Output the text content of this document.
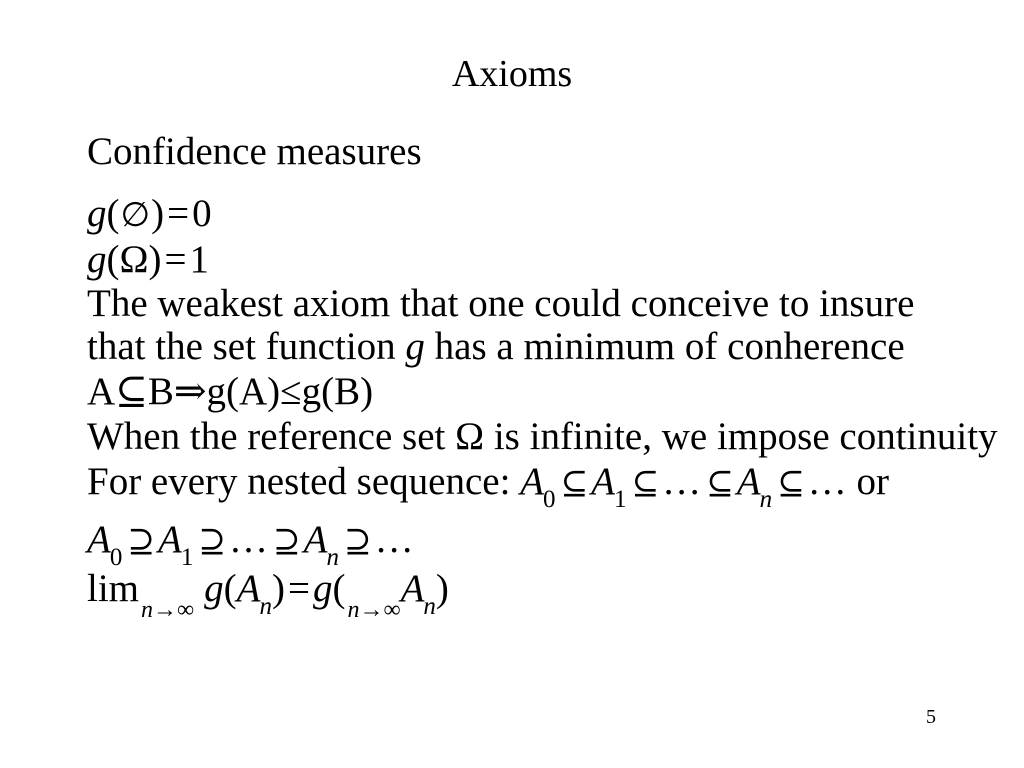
Axioms
Confidence measures
g ( ∅ ) = 0
g ( Ω ) = 1
The weakest axiom that one could conceive to insure
that the set function g has a minimum of conherence
A⊆B⇒g(A)≤g(B)
When the reference set Ω is infinite, we impose continuity
For every nested sequence: A 0 ⊆ A 1 ⊆ … ⊆ A n ⊆ … or
A 0 ⊇ A 1 ⊇ … ⊇ A n ⊇ …
lim n→∞ g ( A n ) = g ( n→∞ A n )
5
